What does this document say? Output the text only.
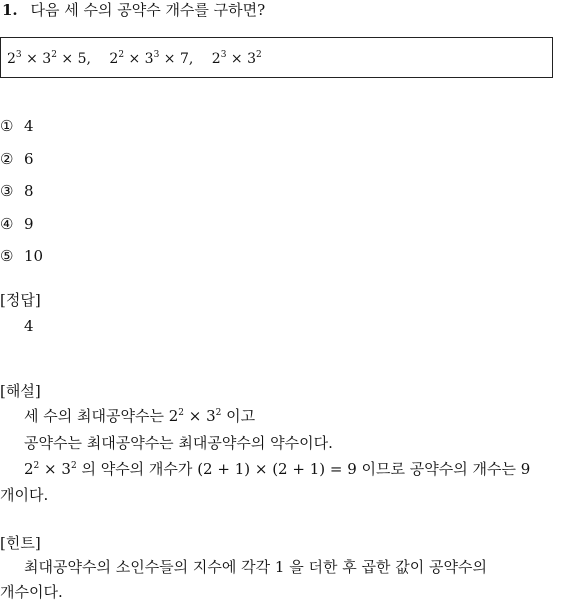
1. 다음 세 수의 공약수 개수를 구하면?
$2^3 \times 3^2 \times 5$, $2^2 \times 3^3 \times 7$, $2^3 \times 3^2$
① 4
② 6
③ 8
④ 9
⑤ 10
[정답]
4
[해설]
세 수의 최대공약수는 $2^2 \times 3^2$ 이고
공약수는 최대공약수는 최대공약수의 약수이다.
$2^2 \times 3^2$ 의 약수의 개수가 (2 + 1) × (2 + 1) = 9 이므로 공약수의 개수는 9
개이다.
[힌트]
최대공약수의 소인수들의 지수에 각각 1 을 더한 후 곱한 값이 공약수의
개수이다.
